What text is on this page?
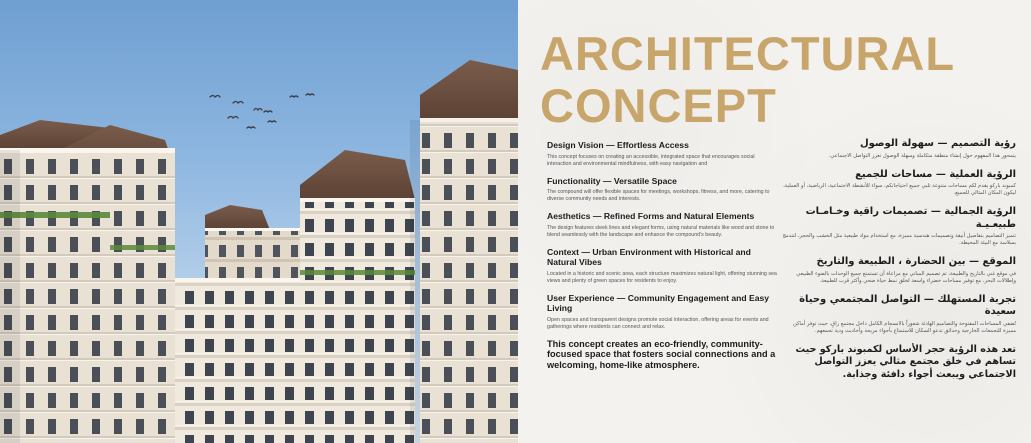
ARCHITECTURAL
CONCEPT
Design Vision — Effortless Access
This concept focuses on creating an accessible, integrated space that encourages social interaction and environmental mindfulness, with easy navigation and
Functionality — Versatile Space
The compound will offer flexible spaces for meetings, workshops, fitness, and more, catering to diverse community needs and interests.
Aesthetics — Refined Forms and Natural Elements
The design features sleek lines and elegant forms, using natural materials like wood and stone to blend seamlessly with the landscape and enhance the compound's beauty.
Context — Urban Environment with Historical and Natural Vibes
Located in a historic and scenic area, each structure maximizes natural light, offering stunning sea views and plenty of green spaces for residents to enjoy.
User Experience — Community Engagement and Easy Living
Open spaces and transparent designs promote social interaction, offering areas for events and gatherings where residents can connect and relax.
This concept creates an eco-friendly, community-focused space that fosters social connections and a welcoming, home-like atmosphere.
رؤية التصميم — سهولة الوصول
يتمحور هذا المفهوم حول إنشاء منطقة متكاملة وسهلة الوصول تعزز التواصل الاجتماعي.
الرؤية العملية — مساحات للجميع
كمبوند باركو يقدم لكم مساحات متنوعة تلبي جميع احتياجاتكم، سواء للأنشطة الاجتماعية، الرياضية، أو العملية، ليكون المكان المثالي للجميع.
الرؤية الجمالية — تصميمات راقية وخـامـات طبيعـيـة
تتميز التصاميم بتفاصيل أنيقة وتصميمات هندسية مميزة، مع استخدام مواد طبيعية مثل الخشب والحجر، لتندمج بسلاسة مع البيئة المحيطة.
الموقع — بين الحضارة ، الطبيعة والتاريخ
في موقع غني بالتاريخ والطبيعة، تم تصميم المباني مع مراعاة أن تستمتع جميع الوحدات بالضوء الطبيعي وإطلالات البحر، مع توفير مساحات خضراء واسعة لخلق نمط حياة صحي وأكثر قرب للطبيعة.
تجربة المستهلك — التواصل المجتمعي وحياة سعيدة
تُضفي المساحات المفتوحة والتصاميم الهادئة شعوراً بالانسجام الكامل داخل مجتمع راقٍ، حيث توفر أماكن مميزة للتجمعات الخارجية وحدائق تدعو السكان للاستمتاع بأجواء مريحة وأحاديث ودية تجمعهم.
تعد هذه الرؤية حجر الأساس لكمبوند باركو حيث تساهم في خلق مجتمع مثالي يعزز التواصل الاجتماعي ويبعث أجواء دافئة وجذابة.
